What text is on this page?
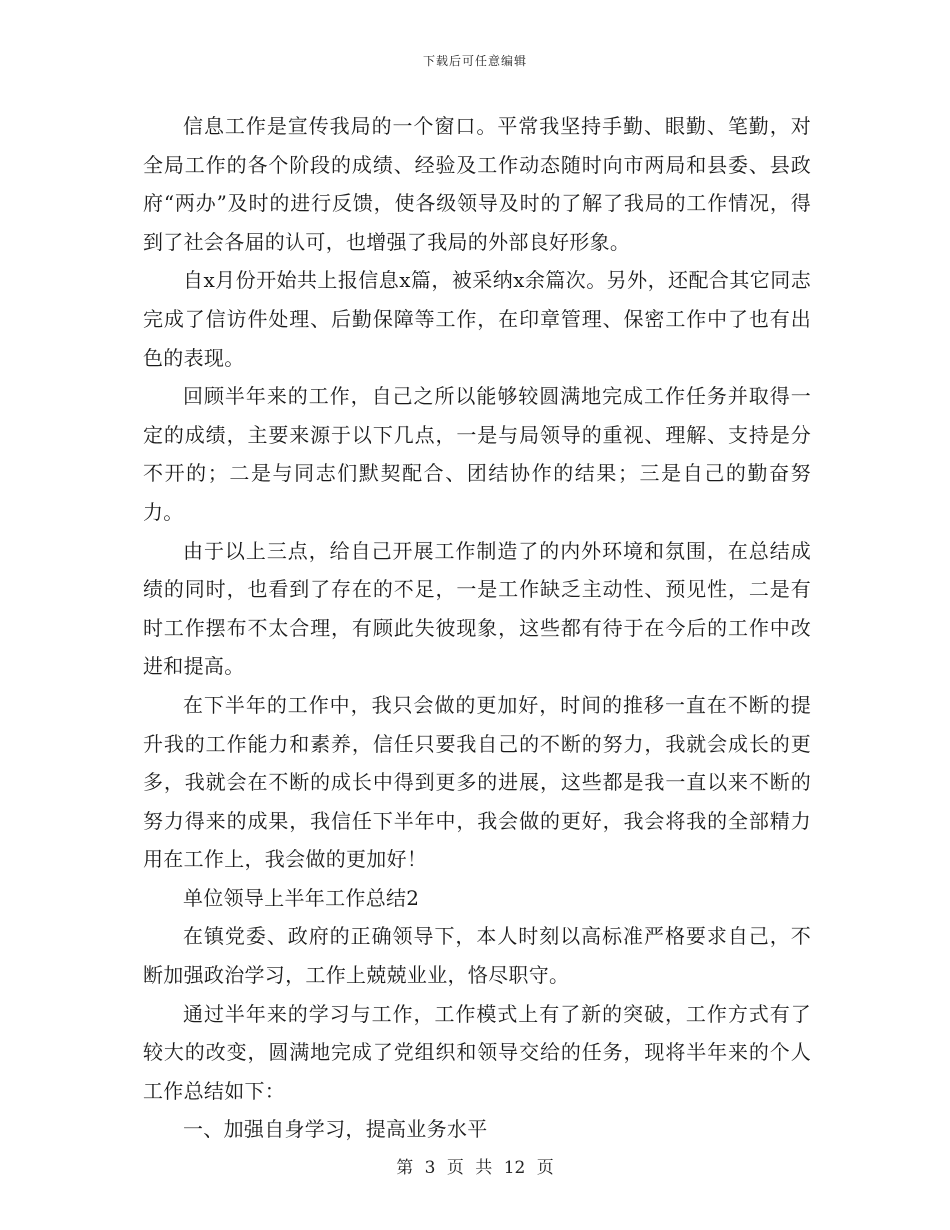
下载后可任意编辑

信息工作是宣传我局的一个窗口。平常我坚持手勤、眼勤、笔勤，对全局工作的各个阶段的成绩、经验及工作动态随时向市两局和县委、县政府“两办”及时的进行反馈，使各级领导及时的了解了我局的工作情况，得到了社会各届的认可，也增强了我局的外部良好形象。

自x月份开始共上报信息x篇，被采纳x余篇次。另外，还配合其它同志完成了信访件处理、后勤保障等工作，在印章管理、保密工作中了也有出色的表现。

回顾半年来的工作，自己之所以能够较圆满地完成工作任务并取得一定的成绩，主要来源于以下几点，一是与局领导的重视、理解、支持是分不开的；二是与同志们默契配合、团结协作的结果；三是自己的勤奋努力。

由于以上三点，给自己开展工作制造了的内外环境和氛围，在总结成绩的同时，也看到了存在的不足，一是工作缺乏主动性、预见性，二是有时工作摆布不太合理，有顾此失彼现象，这些都有待于在今后的工作中改进和提高。

在下半年的工作中，我只会做的更加好，时间的推移一直在不断的提升我的工作能力和素养，信任只要我自己的不断的努力，我就会成长的更多，我就会在不断的成长中得到更多的进展，这些都是我一直以来不断的努力得来的成果，我信任下半年中，我会做的更好，我会将我的全部精力用在工作上，我会做的更加好！

单位领导上半年工作总结2

在镇党委、政府的正确领导下，本人时刻以高标准严格要求自己，不断加强政治学习，工作上兢兢业业，恪尽职守。

通过半年来的学习与工作，工作模式上有了新的突破，工作方式有了较大的改变，圆满地完成了党组织和领导交给的任务，现将半年来的个人工作总结如下：

一、加强自身学习，提高业务水平

第 3 页 共 12 页
